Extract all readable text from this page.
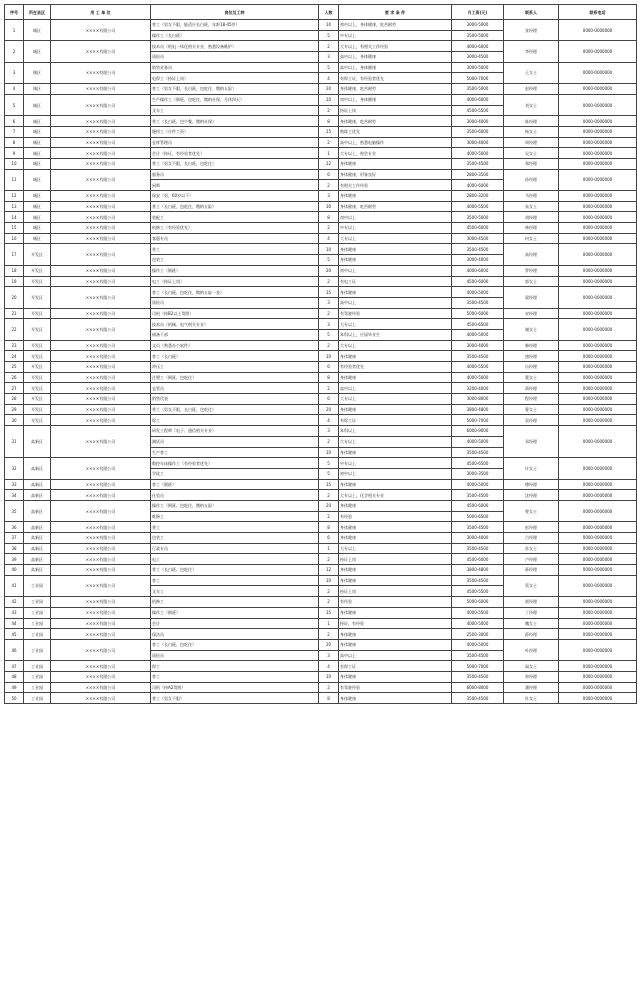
序号	所在县区	用 工 单 位	岗位及工种	人数	要 求 条 件	月工资(元)	联系人	联系电话
1	城区	××××有限公司	普工（男女不限，能适应长白班，年龄18-45岁）	10	初中以上，身体健康，吃苦耐劳	3000-5000	张经理	0000-0000000
			操作工（长白班）	5	中专以上	3500-5000		
2	城区	××××有限公司	技术员（机电一体化相关专业，熟悉设备维护）	2	大专以上，有相关工作经验	4000-6000	李经理	0000-0000000
			质检员	3	高中以上，身体健康	3000-4500		
3	城区	××××有限公司	销售业务员	5	高中以上，身体健康	3000-5000	王女士	0000-0000000
			电焊工（持证上岗）	4	有焊工证，有经验者优先	5000-7000		
4	城区	××××有限公司	普工（男女不限，长白班，包吃住，缴纳五险）	20	身体健康，吃苦耐劳	3500-5000	赵经理	0000-0000000
5	城区	××××有限公司	生产操作工（倒班，包吃住，缴纳社保，月休四天）	10	初中以上，身体健康	4000-6000	刘女士	0000-0000000
			叉车工	2	持证上岗	4500-5500		
6	城区	××××有限公司	普工（长白班，包午餐，缴纳社保）	8	身体健康，吃苦耐劳	3000-4000	陈经理	0000-0000000
7	城区	××××有限公司	缝纫工（计件工资）	15	熟练工优先	3500-6000	杨女士	0000-0000000
8	城区	××××有限公司	仓库管理员	2	高中以上，熟悉电脑操作	3000-4000	周经理	0000-0000000
9	城区	××××有限公司	会计（持证，有经验者优先）	1	大专以上，财会专业	4000-5000	吴女士	0000-0000000
10	城区	××××有限公司	普工（男女不限，长白班，包吃住）	12	身体健康	3500-4500	郑经理	0000-0000000
11	城区	××××有限公司	服务员	6	身体健康，形象良好	2800-3500	孙经理	0000-0000000
			厨师	2	有相关工作经验	4000-6000		
12	城区	××××有限公司	保安（男，60岁以下）	3	身体健康	2800-3200	马经理	0000-0000000
13	城区	××××有限公司	普工（长白班，包吃住，缴纳五险）	30	身体健康，吃苦耐劳	4000-5500	朱女士	0000-0000000
14	城区	××××有限公司	装配工	8	初中以上	3500-5000	胡经理	0000-0000000
15	城区	××××有限公司	机修工（有经验优先）	2	中专以上	4500-6000	林经理	0000-0000000
16	城区	××××有限公司	客服专员	4	大专以上	3000-4500	何女士	0000-0000000
17	开发区	××××有限公司	普工	10	身体健康	3500-4500	高经理	0000-0000000
			包装工	5	身体健康	3000-4000		
18	开发区	××××有限公司	操作工（倒班）	20	初中以上	4000-6000	罗经理	0000-0000000
19	开发区	××××有限公司	电工（持证上岗）	2	有电工证	4500-6000	郭女士	0000-0000000
20	开发区	××××有限公司	普工（长白班，包吃住，缴纳五险一金）	15	身体健康	4000-5000	梁经理	0000-0000000
			质检员	3	高中以上	3500-4500		
21	开发区	××××有限公司	司机（持B2以上驾照）	2	有驾驶经验	5000-6000	宋经理	0000-0000000
22	开发区	××××有限公司	技术员（机械、电气相关专业）	3	大专以上	4500-6500	谢女士	0000-0000000
			储备干部	5	本科以上，应届毕业生	4000-5000		
23	开发区	××××有限公司	文员（熟悉办公软件）	2	大专以上	3000-4000	韩经理	0000-0000000
24	开发区	××××有限公司	普工（长白班）	10	身体健康	3500-4500	唐经理	0000-0000000
25	开发区	××××有限公司	冲压工	6	有经验者优先	4000-5500	冯经理	0000-0000000
26	开发区	××××有限公司	注塑工（倒班，包吃住）	8	身体健康	4000-5000	董女士	0000-0000000
27	开发区	××××有限公司	仓管员	2	高中以上	3200-4000	萧经理	0000-0000000
28	开发区	××××有限公司	销售代表	6	大专以上	3000-8000	程经理	0000-0000000
29	开发区	××××有限公司	普工（男女不限，长白班，包吃住）	20	身体健康	3800-4800	曹女士	0000-0000000
30	开发区	××××有限公司	焊工	4	有焊工证	5000-7000	袁经理	0000-0000000
31	高新区	××××有限公司	研发工程师（电子、通信相关专业）	3	本科以上	6000-9000	邓经理	0000-0000000
			测试员	2	大专以上	4000-5000		
			生产普工	10	身体健康	3500-4500		
32	高新区	××××有限公司	数控车床操作工（有经验者优先）	5	中专以上	4500-6500	许女士	0000-0000000
			学徒工	5	初中以上	3000-3500		
33	高新区	××××有限公司	普工（倒班）	15	身体健康	4000-5000	傅经理	0000-0000000
34	高新区	××××有限公司	化验员	2	大专以上，化学相关专业	3500-4500	沈经理	0000-0000000
35	高新区	××××有限公司	操作工（倒班，包吃住，缴纳五险）	20	身体健康	4500-6000	曾女士	0000-0000000
			维修工	2	有经验	5000-6500		
36	高新区	××××有限公司	普工	8	身体健康	3500-4500	彭经理	0000-0000000
37	高新区	××××有限公司	包装工	6	身体健康	3000-4000	吕经理	0000-0000000
38	高新区	××××有限公司	行政专员	1	大专以上	3500-4500	苏女士	0000-0000000
39	高新区	××××有限公司	电工	2	持证上岗	4500-6000	卢经理	0000-0000000
40	高新区	××××有限公司	普工（长白班，包吃住）	12	身体健康	3800-4800	蒋经理	0000-0000000
41	工业园	××××有限公司	普工	10	身体健康	3500-4500	蔡女士	0000-0000000
			叉车工	2	持证上岗	4500-5500		
42	工业园	××××有限公司	机修工	2	有经验	5000-6000	贾经理	0000-0000000
43	工业园	××××有限公司	操作工（倒班）	15	身体健康	4000-5500	丁经理	0000-0000000
44	工业园	××××有限公司	会计	1	持证，有经验	4000-5000	魏女士	0000-0000000
45	工业园	××××有限公司	保洁员	2	身体健康	2500-3000	薛经理	0000-0000000
46	工业园	××××有限公司	普工（长白班，包吃住）	20	身体健康	4000-5000	叶经理	0000-0000000
			质检员	3	高中以上	3500-4500		
47	工业园	××××有限公司	焊工	4	有焊工证	5000-7000	阎女士	0000-0000000
48	工业园	××××有限公司	普工	10	身体健康	3500-4500	余经理	0000-0000000
49	工业园	××××有限公司	司机（持A2驾照）	2	有驾驶经验	6000-8000	潘经理	0000-0000000
50	工业园	××××有限公司	普工（男女不限）	8	身体健康	3500-4500	杜女士	0000-0000000
